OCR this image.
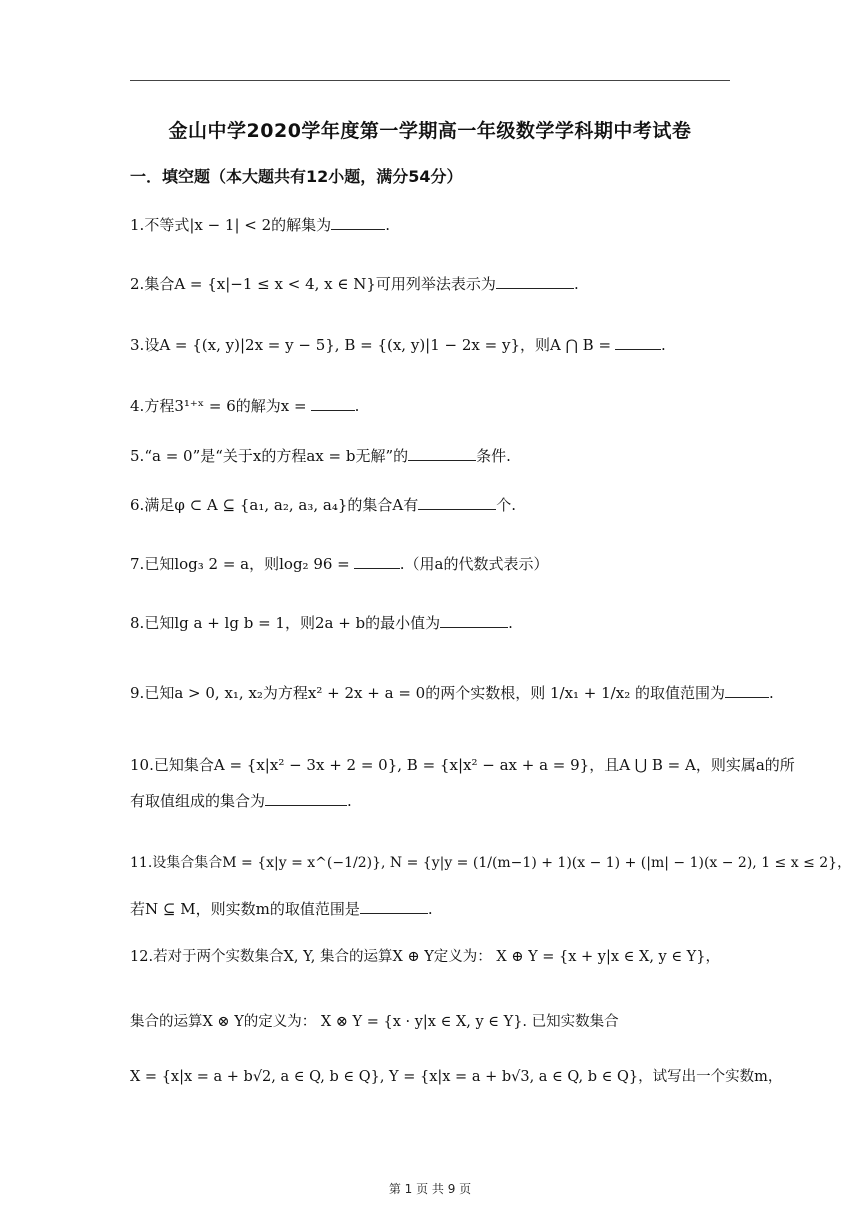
金山中学2020学年度第一学期高一年级数学学科期中考试卷
一．填空题（本大题共有12小题，满分54分）
1.不等式|x − 1| < 2的解集为	.
2.集合A = {x|−1 ≤ x < 4, x ∈ N}可用列举法表示为	.
3.设A = {(x, y)|2x = y − 5}, B = {(x, y)|1 − 2x = y}，则A ⋂ B =	.
4.方程3¹⁺ˣ = 6的解为x =	.
5.“a = 0”是“关于x的方程ax = b无解”的	条件.
6.满足φ ⊂ A ⊆ {a₁, a₂, a₃, a₄}的集合A有	个.
7.已知log₃ 2 = a，则log₂ 96 =	.（用a的代数式表示）
8.已知lg a + lg b = 1，则2a + b的最小值为	.
9.已知a > 0, x₁, x₂为方程x² + 2x + a = 0的两个实数根，则 1/x₁ + 1/x₂ 的取值范围为	.
10.已知集合A = {x|x² − 3x + 2 = 0}, B = {x|x² − ax + a = 9}，且A ⋃ B = A，则实属a的所
有取值组成的集合为	.
11.设集合集合M = {x|y = x^(−1/2)}, N = {y|y = (1/(m−1) + 1)(x − 1) + (|m| − 1)(x − 2), 1 ≤ x ≤ 2}，
若N ⊆ M，则实数m的取值范围是	.
12.若对于两个实数集合X, Y, 集合的运算X ⊕ Y定义为： X ⊕ Y = {x + y|x ∈ X, y ∈ Y}，
集合的运算X ⊗ Y的定义为： X ⊗ Y = {x · y|x ∈ X, y ∈ Y}. 已知实数集合
X = {x|x = a + b√2, a ∈ Q, b ∈ Q}, Y = {x|x = a + b√3, a ∈ Q, b ∈ Q}，试写出一个实数m，
第 1 页 共 9 页
